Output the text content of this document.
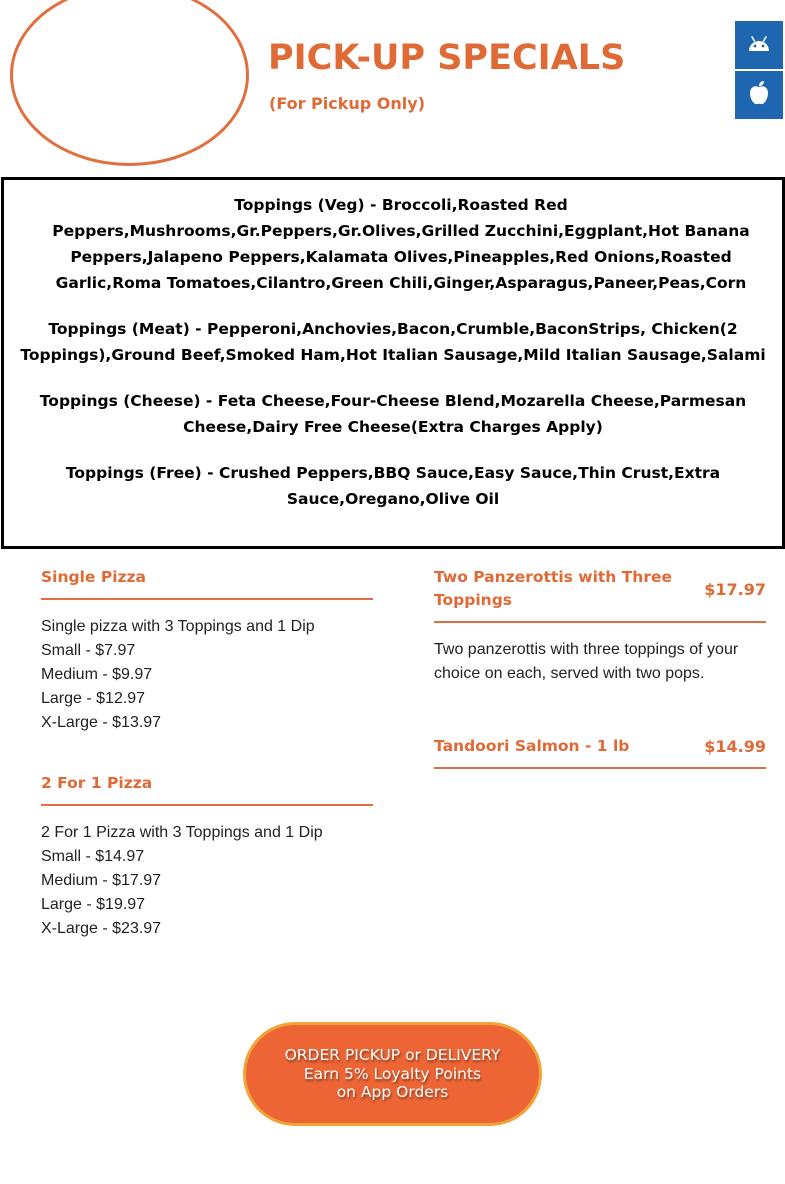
PICK-UP SPECIALS
(For Pickup Only)

Toppings (Veg) - Broccoli,Roasted Red Peppers,Mushrooms,Gr.Peppers,Gr.Olives,Grilled Zucchini,Eggplant,Hot Banana Peppers,Jalapeno Peppers,Kalamata Olives,Pineapples,Red Onions,Roasted Garlic,Roma Tomatoes,Cilantro,Green Chili,Ginger,Asparagus,Paneer,Peas,Corn

Toppings (Meat) - Pepperoni,Anchovies,Bacon,Crumble,BaconStrips, Chicken(2 Toppings),Ground Beef,Smoked Ham,Hot Italian Sausage,Mild Italian Sausage,Salami

Toppings (Cheese) - Feta Cheese,Four-Cheese Blend,Mozarella Cheese,Parmesan Cheese,Dairy Free Cheese(Extra Charges Apply)

Toppings (Free) - Crushed Peppers,BBQ Sauce,Easy Sauce,Thin Crust,Extra Sauce,Oregano,Olive Oil

Single Pizza
Single pizza with 3 Toppings and 1 Dip
Small - $7.97
Medium - $9.97
Large - $12.97
X-Large - $13.97
2 For 1 Pizza
2 For 1 Pizza with 3 Toppings and 1 Dip
Small - $14.97
Medium - $17.97
Large - $19.97
X-Large - $23.97
Two Panzerottis with Three Toppings
$17.97
Two panzerottis with three toppings of your choice on each, served with two pops.
Tandoori Salmon - 1 lb	$14.99
ORDER PICKUP or DELIVERY
Earn 5% Loyalty Points
on App Orders
